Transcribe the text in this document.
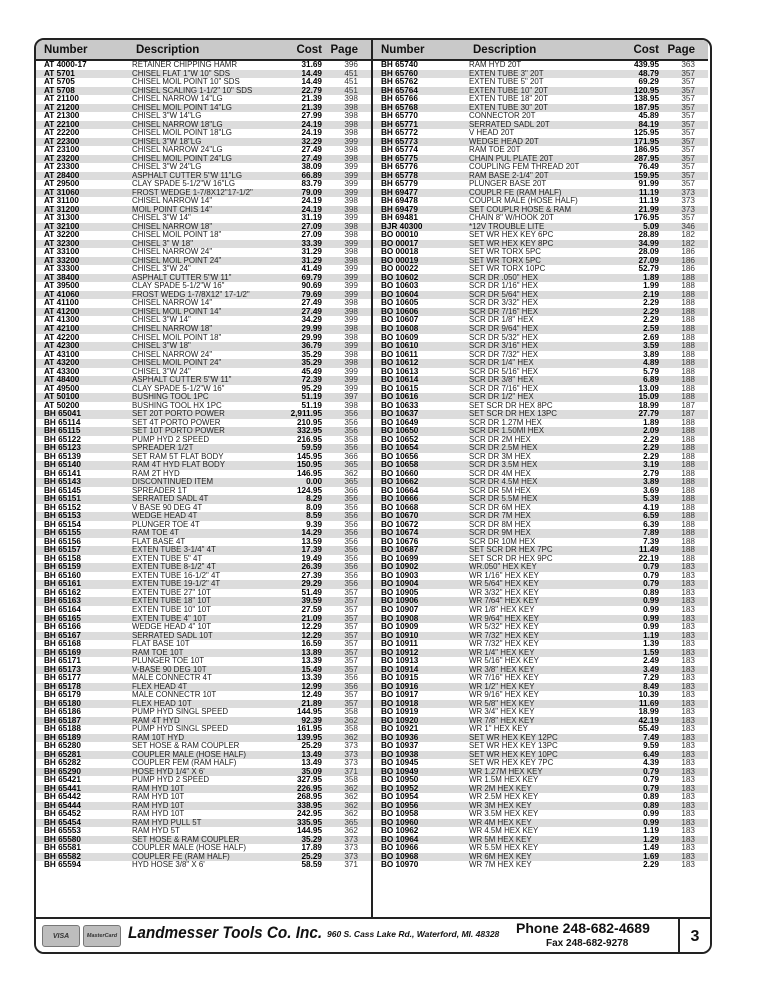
Number	Description	Cost Page
AT 4000-17	RETAINER CHIPPING HAMR	31.69	396
AT 5701	CHISEL FLAT 1"W 10" SDS	14.49	451
AT 5705	CHISEL MOIL POINT 10" SDS	14.49	451
AT 5708	CHISEL SCALING 1-1/2" 10" SDS	22.79	451
AT 21100	CHISEL NARROW 14"LG	21.39	398
AT 21200	CHISEL MOIL POINT 14"LG	21.39	398
AT 21300	CHISEL 3"W 14"LG	27.99	398
AT 22100	CHISEL NARROW 18"LG	24.19	398
AT 22200	CHISEL MOIL POINT 18"LG	24.19	398
AT 22300	CHISEL 3"W 18"LG	32.29	399
AT 23100	CHISEL NARROW 24"LG	27.49	398
AT 23200	CHISEL MOIL POINT 24"LG	27.49	398
AT 23300	CHISEL 3"W 24"LG	38.09	399
AT 28400	ASPHALT CUTTER 5"W 11"LG	66.89	399
AT 29500	CLAY SPADE 5-1/2"W 16"LG	83.79	399
AT 31060	FROST WEDGE 1-7/8X12"17-1/2"	79.09	399
AT 31100	CHISEL NARROW 14"	24.19	398
AT 31200	MOIL POINT CHIS 14"	24.19	398
AT 31300	CHISEL 3"W 14"	31.19	399
AT 32100	CHISEL NARROW 18"	27.09	398
AT 32200	CHISEL MOIL POINT 18"	27.09	398
AT 32300	CHISEL 3" W 18"	33.39	399
AT 33100	CHISEL NARROW 24"	31.29	398
AT 33200	CHISEL MOIL POINT 24"	31.29	398
AT 33300	CHISEL 3"W 24"	41.49	399
AT 38400	ASPHALT CUTTER 5"W 11"	69.79	399
AT 39500	CLAY SPADE 5-1/2"W 16"	90.69	399
AT 41060	FROST WEDG 1-7/8X12" 17-1/2"	79.69	399
AT 41100	CHISEL NARROW 14"	27.49	398
AT 41200	CHISEL MOIL POINT 14"	27.49	398
AT 41300	CHISEL 3"W 14"	34.29	399
AT 42100	CHISEL NARROW 18"	29.99	398
AT 42200	CHISEL MOIL POINT 18"	29.99	398
AT 42300	CHISEL 3"W 18"	36.79	399
AT 43100	CHISEL NARROW 24"	35.29	398
AT 43200	CHISEL MOIL POINT 24"	35.29	398
AT 43300	CHISEL 3"W 24"	45.49	399
AT 48400	ASPHALT CUTTER 5"W 11"	72.39	399
AT 49500	CLAY SPADE 5-1/2"W 16"	95.29	399
AT 50100	BUSHING TOOL 1PC	51.19	397
AT 50200	BUSHING TOOL HX 1PC	51.19	398
BH 65041	SET 20T PORTO POWER	2,911.95	356
BH 65114	SET 4T PORTO POWER	210.95	356
BH 65115	SET 10T PORTO POWER	332.95	356
BH 65122	PUMP HYD 2 SPEED	216.95	358
BH 65123	SPREADER 1/2T	59.59	356
BH 65139	SET RAM 5T FLAT BODY	145.95	366
BH 65140	RAM 4T HYD FLAT BODY	150.95	365
BH 65141	RAM 2T HYD	146.95	362
BH 65143	DISCONTINUED ITEM	0.00	365
BH 65145	SPREADER 1T	124.95	366
BH 65151	SERRATED SADL 4T	8.29	356
BH 65152	V BASE 90 DEG 4T	8.09	356
BH 65153	WEDGE HEAD 4T	8.59	356
BH 65154	PLUNGER TOE 4T	9.39	356
BH 65155	RAM TOE 4T	14.29	356
BH 65156	FLAT BASE 4T	13.59	356
BH 65157	EXTEN TUBE 3-1/4" 4T	17.39	356
BH 65158	EXTEN TUBE 5" 4T	19.49	356
BH 65159	EXTEN TUBE 8-1/2" 4T	26.39	356
BH 65160	EXTEN TUBE 16-1/2" 4T	27.39	356
BH 65161	EXTEN TUBE 19-1/2" 4T	29.29	356
BH 65162	EXTEN TUBE 27" 10T	51.49	357
BH 65163	EXTEN TUBE 18" 10T	39.59	357
BH 65164	EXTEN TUBE 10" 10T	27.59	357
BH 65165	EXTEN TUBE 4" 10T	21.09	357
BH 65166	WEDGE HEAD 4" 10T	12.29	357
BH 65167	SERRATED SADL 10T	12.29	357
BH 65168	FLAT BASE 10T	16.59	357
BH 65169	RAM TOE 10T	13.89	357
BH 65171	PLUNGER TOE 10T	13.39	357
BH 65173	V-BASE 90 DEG 10T	15.49	357
BH 65177	MALE CONNECTR 4T	13.39	356
BH 65178	FLEX HEAD 4T	12.99	356
BH 65179	MALE CONNECTR 10T	12.49	357
BH 65180	FLEX HEAD 10T	21.89	357
BH 65186	PUMP HYD SINGL SPEED	144.95	358
BH 65187	RAM 4T HYD	92.39	362
BH 65188	PUMP HYD SINGL SPEED	161.95	358
BH 65189	RAM 10T HYD	139.95	362
BH 65280	SET HOSE & RAM COUPLER	25.29	373
BH 65281	COUPLER MALE (HOSE HALF)	13.49	373
BH 65282	COUPLER FEM (RAM HALF)	13.49	373
BH 65290	HOSE HYD 1/4" X 6'	35.09	371
BH 65421	PUMP HYD 2 SPEED	327.95	358
BH 65441	RAM HYD 10T	226.95	362
BH 65442	RAM HYD 10T	268.95	362
BH 65444	RAM HYD 10T	338.95	362
BH 65452	RAM HYD 10T	242.95	362
BH 65454	RAM HYD PULL 5T	335.95	365
BH 65553	RAM HYD 5T	144.95	362
BH 65580	SET HOSE & RAM COUPLER	35.29	373
BH 65581	COUPLER MALE (HOSE HALF)	17.89	373
BH 65582	COUPLER FE (RAM HALF)	25.29	373
BH 65594	HYD HOSE 3/8" X 6'	58.59	371
Number	Description	Cost Page
BH 65740	RAM HYD 20T	439.95	363
BH 65760	EXTEN TUBE 3" 20T	48.79	357
BH 65762	EXTEN TUBE 5" 20T	69.29	357
BH 65764	EXTEN TUBE 10" 20T	120.95	357
BH 65766	EXTEN TUBE 18" 20T	138.95	357
BH 65768	EXTEN TUBE 30" 20T	187.95	357
BH 65770	CONNECTOR 20T	45.89	357
BH 65771	SERRATED SADL 20T	84.19	357
BH 65772	V HEAD 20T	125.95	357
BH 65773	WEDGE HEAD 20T	171.95	357
BH 65774	RAM TOE 20T	186.95	357
BH 65775	CHAIN PUL PLATE 20T	287.95	357
BH 65776	COUPLING FEM THREAD 20T	76.49	357
BH 65778	RAM BASE 2-1/4" 20T	159.95	357
BH 65779	PLUNGER BASE 20T	91.99	357
BH 69477	COUPLR FE (RAM HALF)	11.19	373
BH 69478	COUPLR MALE (HOSE HALF)	11.19	373
BH 69479	SET COUPLR HOSE & RAM	21.99	373
BH 69481	CHAIN 8" W/HOOK 20T	176.95	357
BJR 40300	*12V TROUBLE LITE	5.09	346
BO 00010	SET WR HEX KEY 6PC	28.89	182
BO 00017	SET WR HEX KEY 8PC	34.99	182
BO 00018	SET WR TORX 5PC	28.09	186
BO 00019	SET WR TORX 5PC	27.09	186
BO 00022	SET WR TORX 10PC	52.79	186
BO 10602	SCR DR .050" HEX	1.89	188
BO 10603	SCR DR 1/16" HEX	1.99	188
BO 10604	SCR DR 5/64" HEX	2.19	188
BO 10605	SCR DR 3/32" HEX	2.29	188
BO 10606	SCR DR 7/16" HEX	2.29	188
BO 10607	SCR DR 1/8" HEX	2.29	188
BO 10608	SCR DR 9/64" HEX	2.59	188
BO 10609	SCR DR 5/32" HEX	2.69	188
BO 10610	SCR DR 3/16" HEX	3.59	188
BO 10611	SCR DR 7/32" HEX	3.89	188
BO 10612	SCR DR 1/4" HEX	4.89	188
BO 10613	SCR DR 5/16" HEX	5.79	188
BO 10614	SCR DR 3/8" HEX	6.89	188
BO 10615	SCR DR 7/16" HEX	13.09	188
BO 10616	SCR DR 1/2" HEX	15.09	188
BO 10633	SET SCR DR HEX 8PC	18.99	187
BO 10637	SET SCR DR HEX 13PC	27.79	187
BO 10649	SCR DR 1.27M HEX	1.89	188
BO 10650	SCR DR 1.50MI HEX	2.09	188
BO 10652	SCR DR 2M HEX	2.29	188
BO 10654	SCR DR 2.5M HEX	2.29	188
BO 10656	SCR DR 3M HEX	2.29	188
BO 10658	SCR DR 3.5M HEX	3.19	188
BO 10660	SCR DR 4M HEX	2.79	188
BO 10662	SCR DR 4.5M HEX	3.89	188
BO 10664	SCR DR 5M HEX	3.69	188
BO 10666	SCR DR 5.5M HEX	5.39	188
BO 10668	SCR DR 6M HEX	4.19	188
BO 10670	SCR DR 7M HEX	6.59	188
BO 10672	SCR DR 8M HEX	6.39	188
BO 10674	SCR DR 9M HEX	7.89	188
BO 10676	SCR DR 10M HEX	7.39	188
BO 10687	SET SCR DR HEX 7PC	11.49	188
BO 10699	SET SCR DR HEX 9PC	22.19	188
BO 10902	WR.050" HEX KEY	0.79	183
BO 10903	WR 1/16" HEX KEY	0.79	183
BO 10904	WR 5/64" HEX KEY	0.79	183
BO 10905	WR 3/32" HEX KEY	0.89	183
BO 10906	WR 7/64" HEX KEY	0.99	183
BO 10907	WR 1/8" HEX KEY	0.99	183
BO 10908	WR 9/64" HEX KEY	0.99	183
BO 10909	WR 5/32" HEX KEY	0.99	183
BO 10910	WR 7/32" HEX KEY	1.19	183
BO 10911	WR 7/32" HEX KEY	1.39	183
BO 10912	WR 1/4" HEX KEY	1.59	183
BO 10913	WR 5/16" HEX KEY	2.49	183
BO 10914	WR 3/8" HEX KEY	3.49	183
BO 10915	WR 7/16" HEX KEY	7.29	183
BO 10916	WR 1/2" HEX KEY	8.49	183
BO 10917	WR 9/16" HEX KEY	10.39	183
BO 10918	WR 5/8" HEX KEY	11.69	183
BO 10919	WR 3/4" HEX KEY	18.99	183
BO 10920	WR 7/8" HEX KEY	42.19	183
BO 10921	WR 1" HEX KEY	55.49	183
BO 10936	SET WR HEX KEY 12PC	7.49	183
BO 10937	SET WR HEX KEY 13PC	9.59	183
BO 10938	SET WR HEX KEY 10PC	6.49	183
BO 10945	SET WR HEX KEY 7PC	4.39	183
BO 10949	WR 1.27M HEX KEY	0.79	183
BO 10950	WR 1.5M HEX KEY	0.79	183
BO 10952	WR 2M HEX KEY	0.79	183
BO 10954	WR 2.5M HEX KEY	0.89	183
BO 10956	WR 3M HEX KEY	0.89	183
BO 10958	WR 3.5M HEX KEY	0.99	183
BO 10960	WR 4M HEX KEY	0.99	183
BO 10962	WR 4.5M HEX KEY	1.19	183
BO 10964	WR 5M HEX KEY	1.29	183
BO 10966	WR 5.5M HEX KEY	1.49	183
BO 10968	WR 6M HEX KEY	1.69	183
BO 10970	WR 7M HEX KEY	2.29	183
VISA	MasterCard Landmesser Tools Co. Inc. 960 S. Cass Lake Rd., Waterford, MI. 48328 Phone 248-682-4689
Fax 248-682-9278	3
